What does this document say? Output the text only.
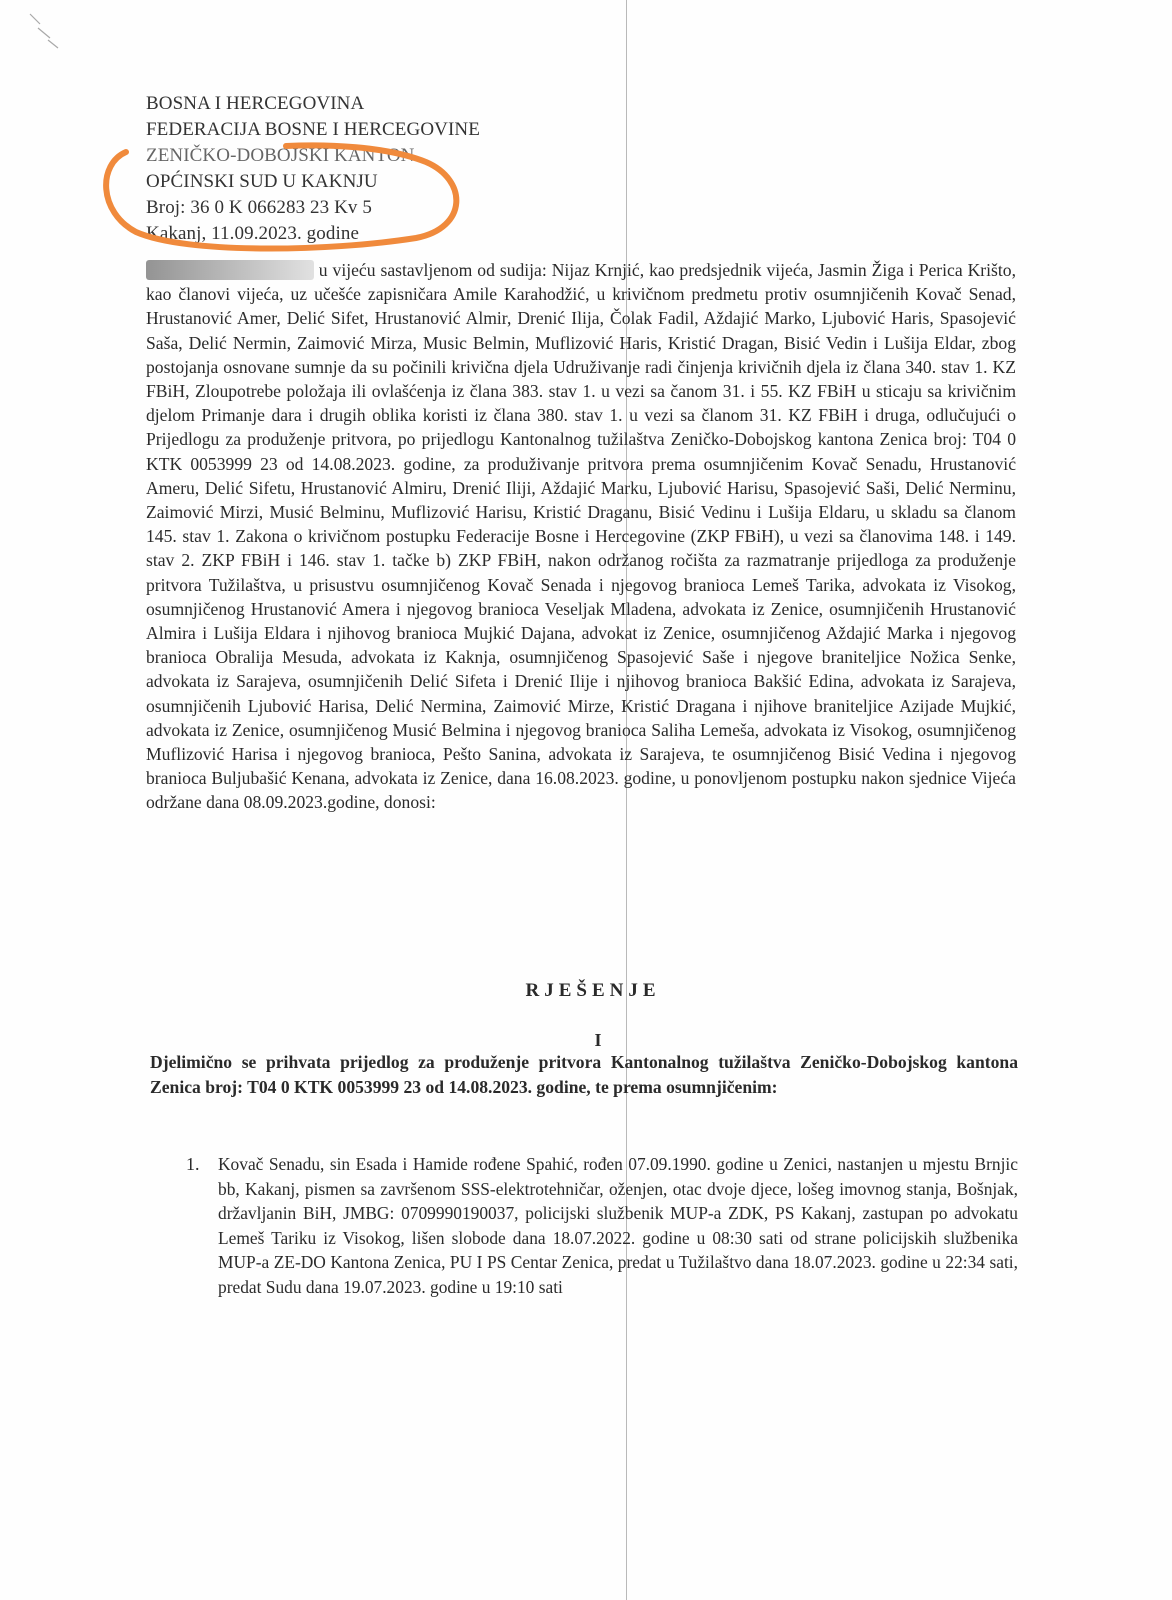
BOSNA I HERCEGOVINA
FEDERACIJA BOSNE I HERCEGOVINE
ZENIČKO-DOBOJSKI KANTON
OPĆINSKI SUD U KAKNJU
Broj: 36 0 K 066283 23 Kv 5
Kakanj, 11.09.2023. godine
u vijeću sastavljenom od sudija: Nijaz Krnjić, kao predsjednik vijeća, Jasmin Žiga i Perica Krišto, kao članovi vijeća, uz učešće zapisničara Amile Karahodžić, u krivičnom predmetu protiv osumnjičenih Kovač Senad, Hrustanović Amer, Delić Sifet, Hrustanović Almir, Drenić Ilija, Čolak Fadil, Aždajić Marko, Ljubović Haris, Spasojević Saša, Delić Nermin, Zaimović Mirza, Music Belmin, Muflizović Haris, Kristić Dragan, Bisić Vedin i Lušija Eldar, zbog postojanja osnovane sumnje da su počinili krivična djela Udruživanje radi činjenja krivičnih djela iz člana 340. stav 1. KZ FBiH, Zloupotrebe položaja ili ovlašćenja iz člana 383. stav 1. u vezi sa čanom 31. i 55. KZ FBiH u sticaju sa krivičnim djelom Primanje dara i drugih oblika koristi iz člana 380. stav 1. u vezi sa članom 31. KZ FBiH i druga, odlučujući o Prijedlogu za produženje pritvora, po prijedlogu Kantonalnog tužilaštva Zeničko-Dobojskog kantona Zenica broj: T04 0 KTK 0053999 23 od 14.08.2023. godine, za produživanje pritvora prema osumnjičenim Kovač Senadu, Hrustanović Ameru, Delić Sifetu, Hrustanović Almiru, Drenić Iliji, Aždajić Marku, Ljubović Harisu, Spasojević Saši, Delić Nerminu, Zaimović Mirzi, Musić Belminu, Muflizović Harisu, Kristić Draganu, Bisić Vedinu i Lušija Eldaru, u skladu sa članom 145. stav 1. Zakona o krivičnom postupku Federacije Bosne i Hercegovine (ZKP FBiH), u vezi sa članovima 148. i 149. stav 2. ZKP FBiH i 146. stav 1. tačke b) ZKP FBiH, nakon održanog ročišta za razmatranje prijedloga za produženje pritvora Tužilaštva, u prisustvu osumnjičenog Kovač Senada i njegovog branioca Lemeš Tarika, advokata iz Visokog, osumnjičenog Hrustanović Amera i njegovog branioca Veseljak Mladena, advokata iz Zenice, osumnjičenih Hrustanović Almira i Lušija Eldara i njihovog branioca Mujkić Dajana, advokat iz Zenice, osumnjičenog Aždajić Marka i njegovog branioca Obralija Mesuda, advokata iz Kaknja, osumnjičenog Spasojević Saše i njegove braniteljice Nožica Senke, advokata iz Sarajeva, osumnjičenih Delić Sifeta i Drenić Ilije i njihovog branioca Bakšić Edina, advokata iz Sarajeva, osumnjičenih Ljubović Harisa, Delić Nermina, Zaimović Mirze, Kristić Dragana i njihove braniteljice Azijade Mujkić, advokata iz Zenice, osumnjičenog Musić Belmina i njegovog branioca Saliha Lemeša, advokata iz Visokog, osumnjičenog Muflizović Harisa i njegovog branioca, Pešto Sanina, advokata iz Sarajeva, te osumnjičenog Bisić Vedina i njegovog branioca Buljubašić Kenana, advokata iz Zenice, dana 16.08.2023. godine, u ponovljenom postupku nakon sjednice Vijeća održane dana 08.09.2023.godine, donosi:
RJEŠENJE
I
Djelimično se prihvata prijedlog za produženje pritvora Kantonalnog tužilaštva Zeničko-Dobojskog kantona Zenica broj: T04 0 KTK 0053999 23 od 14.08.2023. godine, te prema osumnjičenim:
1. Kovač Senadu, sin Esada i Hamide rođene Spahić, rođen 07.09.1990. godine u Zenici, nastanjen u mjestu Brnjic bb, Kakanj, pismen sa završenom SSS-elektrotehničar, oženjen, otac dvoje djece, lošeg imovnog stanja, Bošnjak, državljanin BiH, JMBG: 0709990190037, policijski službenik MUP-a ZDK, PS Kakanj, zastupan po advokatu Lemeš Tariku iz Visokog, lišen slobode dana 18.07.2022. godine u 08:30 sati od strane policijskih službenika MUP-a ZE-DO Kantona Zenica, PU I PS Centar Zenica, predat u Tužilaštvo dana 18.07.2023. godine u 22:34 sati, predat Sudu dana 19.07.2023. godine u 19:10 sati
